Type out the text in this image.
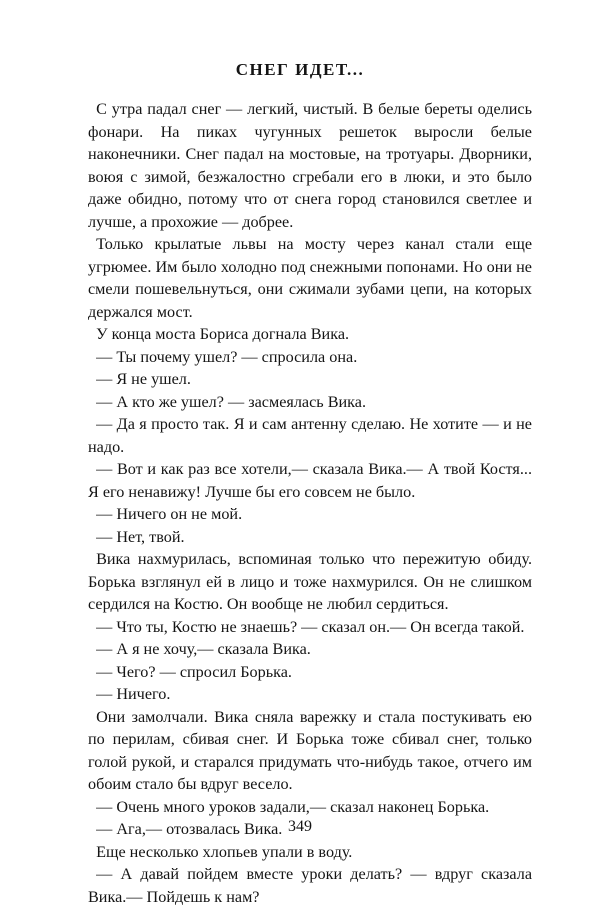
СНЕГ ИДЕТ...

С утра падал снег — легкий, чистый. В белые береты оделись фонари. На пиках чугунных решеток выросли белые наконечники. Снег падал на мостовые, на тротуары. Дворники, воюя с зимой, безжалостно сгребали его в люки, и это было даже обидно, потому что от снега город становился светлее и лучше, а прохожие — добрее.

Только крылатые львы на мосту через канал стали еще угрюмее. Им было холодно под снежными попонами. Но они не смели пошевельнуться, они сжимали зубами цепи, на которых держался мост.

У конца моста Бориса догнала Вика.

— Ты почему ушел? — спросила она.

— Я не ушел.

— А кто же ушел? — засмеялась Вика.

— Да я просто так. Я и сам антенну сделаю. Не хотите — и не надо.

— Вот и как раз все хотели,— сказала Вика.— А твой Костя... Я его ненавижу! Лучше бы его совсем не было.

— Ничего он не мой.

— Нет, твой.

Вика нахмурилась, вспоминая только что пережитую обиду. Борька взглянул ей в лицо и тоже нахмурился. Он не слишком сердился на Костю. Он вообще не любил сердиться.

— Что ты, Костю не знаешь? — сказал он.— Он всегда такой.

— А я не хочу,— сказала Вика.

— Чего? — спросил Борька.

— Ничего.

Они замолчали. Вика сняла варежку и стала постукивать ею по перилам, сбивая снег. И Борька тоже сбивал снег, только голой рукой, и старался придумать что-нибудь такое, отчего им обоим стало бы вдруг весело.

— Очень много уроков задали,— сказал наконец Борька.

— Ага,— отозвалась Вика.

Еще несколько хлопьев упали в воду.

— А давай пойдем вместе уроки делать? — вдруг сказала Вика.— Пойдешь к нам?

349
